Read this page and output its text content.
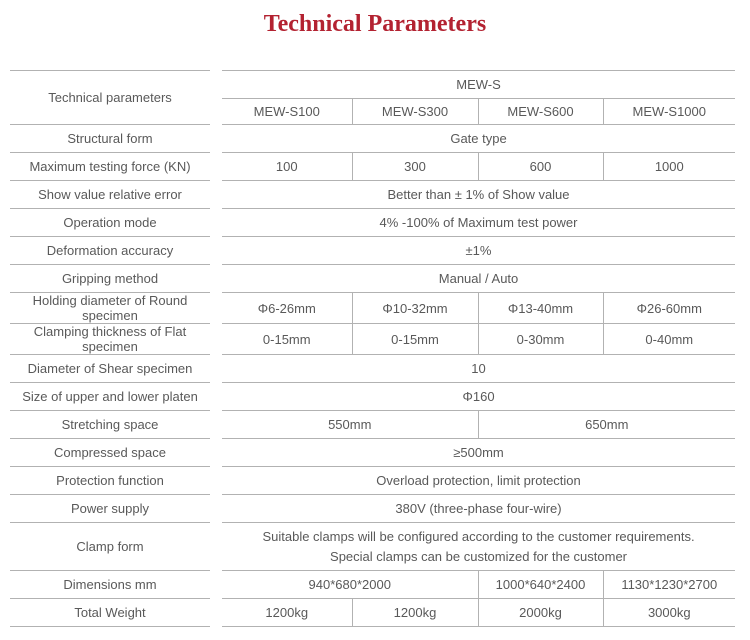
Technical Parameters
Technical parameters		MEW-S			
		MEW-S100	MEW-S300	MEW-S600	MEW-S1000
Structural form		Gate type			
Maximum testing force (KN)		100	300	600	1000
Show value relative error		Better than ± 1% of Show value			
Operation mode		4% -100% of Maximum test power			
Deformation accuracy		±1%			
Gripping method		Manual / Auto			
Holding diameter of Round specimen		Φ6-26mm	Φ10-32mm	Φ13-40mm	Φ26-60mm
Clamping thickness of Flat specimen		0-15mm	0-15mm	0-30mm	0-40mm
Diameter of Shear specimen		10			
Size of upper and lower platen		Φ160			
Stretching space		550mm		650mm	
Compressed space		≥500mm			
Protection function		Overload protection, limit protection			
Power supply		380V (three-phase four-wire)			
Clamp form		Suitable clamps will be configured according to the customer requirements.
Special clamps can be customized for the customer			

Dimensions mm		940*680*2000		1000*640*2400	1130*1230*2700
Total Weight		1200kg	1200kg	2000kg	3000kg
